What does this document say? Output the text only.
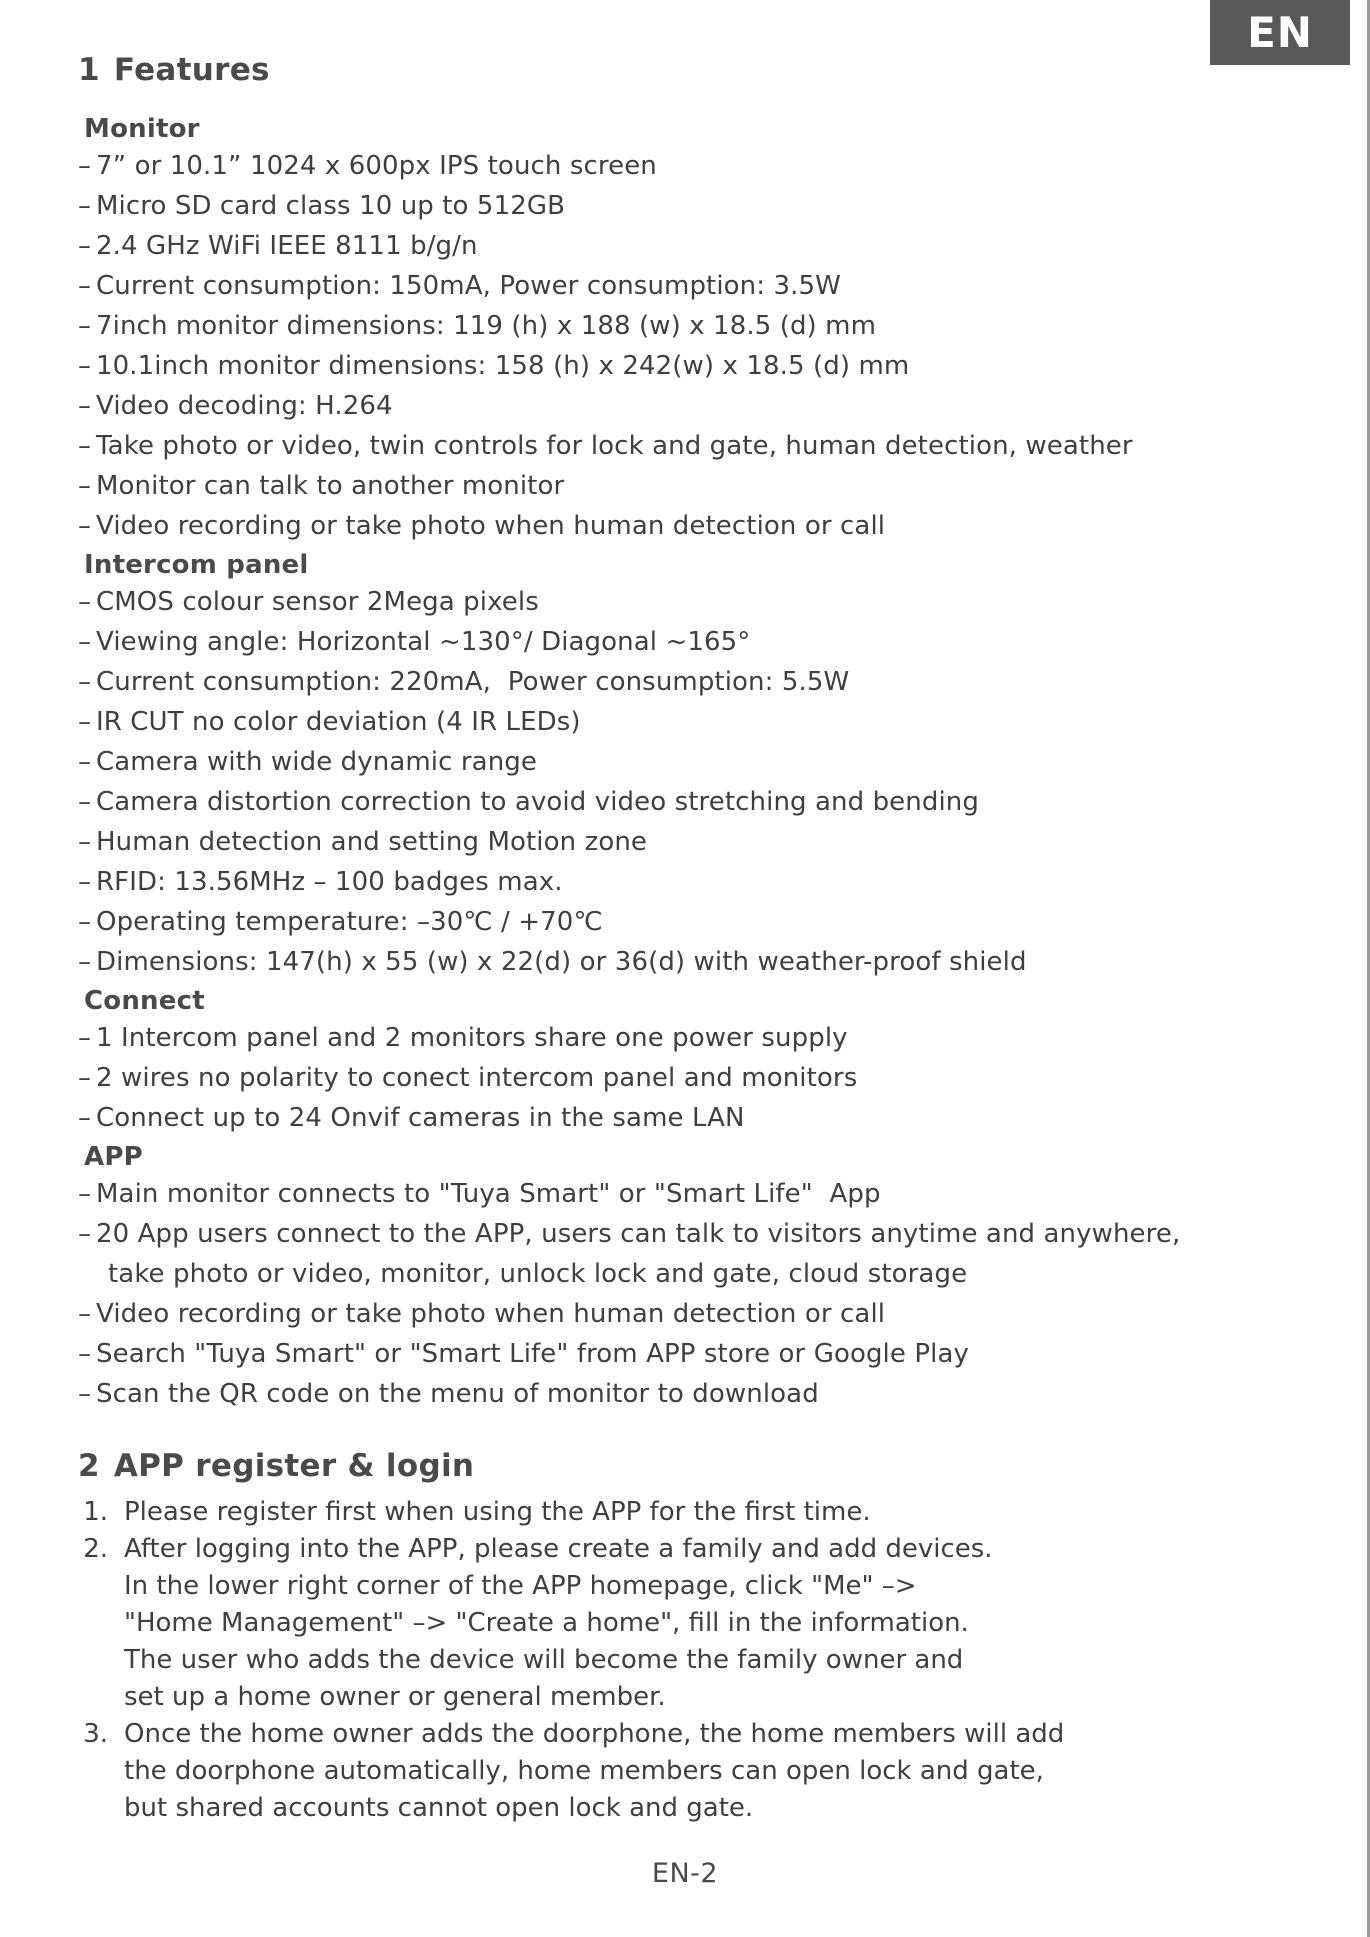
EN
1 Features
Monitor
– 7” or 10.1” 1024 x 600px IPS touch screen
– Micro SD card class 10 up to 512GB
– 2.4 GHz WiFi IEEE 8111 b/g/n
– Current consumption: 150mA, Power consumption: 3.5W
– 7inch monitor dimensions: 119 (h) x 188 (w) x 18.5 (d) mm
– 10.1inch monitor dimensions: 158 (h) x 242(w) x 18.5 (d) mm
– Video decoding: H.264
– Take photo or video, twin controls for lock and gate, human detection, weather
– Monitor can talk to another monitor
– Video recording or take photo when human detection or call
Intercom panel
– CMOS colour sensor 2Mega pixels
– Viewing angle: Horizontal ~130°/ Diagonal ~165°
– Current consumption: 220mA,  Power consumption: 5.5W
– IR CUT no color deviation (4 IR LEDs)
– Camera with wide dynamic range
– Camera distortion correction to avoid video stretching and bending
– Human detection and setting Motion zone
– RFID: 13.56MHz – 100 badges max.
– Operating temperature: –30℃ / +70℃
– Dimensions: 147(h) x 55 (w) x 22(d) or 36(d) with weather-proof shield
Connect
– 1 Intercom panel and 2 monitors share one power supply
– 2 wires no polarity to conect intercom panel and monitors
– Connect up to 24 Onvif cameras in the same LAN
APP
– Main monitor connects to "Tuya Smart" or "Smart Life"  App
– 20 App users connect to the APP, users can talk to visitors anytime and anywhere,
take photo or video, monitor, unlock lock and gate, cloud storage
– Video recording or take photo when human detection or call
– Search "Tuya Smart" or "Smart Life" from APP store or Google Play
– Scan the QR code on the menu of monitor to download
2 APP register & login
1. Please register first when using the APP for the first time.
2. After logging into the APP, please create a family and add devices.
In the lower right corner of the APP homepage, click "Me" –>
"Home Management" –> "Create a home", fill in the information.
The user who adds the device will become the family owner and
set up a home owner or general member.
3. Once the home owner adds the doorphone, the home members will add
the doorphone automatically, home members can open lock and gate,
but shared accounts cannot open lock and gate.
EN-2
